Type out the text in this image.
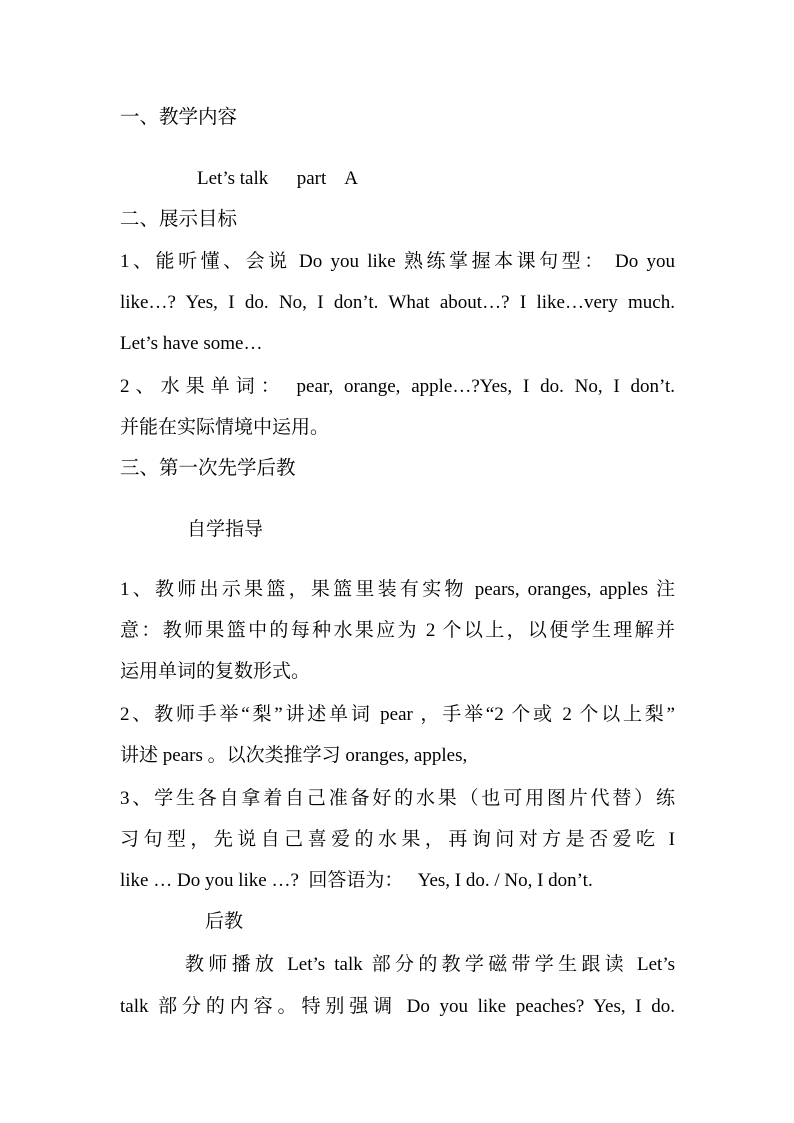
一、教学内容
Let’s talk      part    A
二、展示目标
1、能听懂、会说 Do you like 熟练掌握本课句型： Do you
like…? Yes, I do. No, I don’t. What about…? I like…very much.
Let’s have some…
2、水果单词： pear, orange, apple…?Yes, I do. No, I don’t.
并能在实际情境中运用。
三、第一次先学后教
自学指导
1、教师出示果篮，果篮里装有实物 pears, oranges, apples 注
意：教师果篮中的每种水果应为 2 个以上，以便学生理解并
运用单词的复数形式。
2、教师手举“梨”讲述单词 pear ，手举“2 个或 2 个以上梨”
讲述 pears 。以次类推学习 oranges, apples,
3、学生各自拿着自己准备好的水果（也可用图片代替）练
习句型，先说自己喜爱的水果，再询问对方是否爱吃 I
like … Do you like …?  回答语为：   Yes, I do. / No, I don’t.
后教
教师播放 Let’s talk 部分的教学磁带学生跟读 Let’s
talk 部分的内容。特别强调 Do you like peaches? Yes, I do.
